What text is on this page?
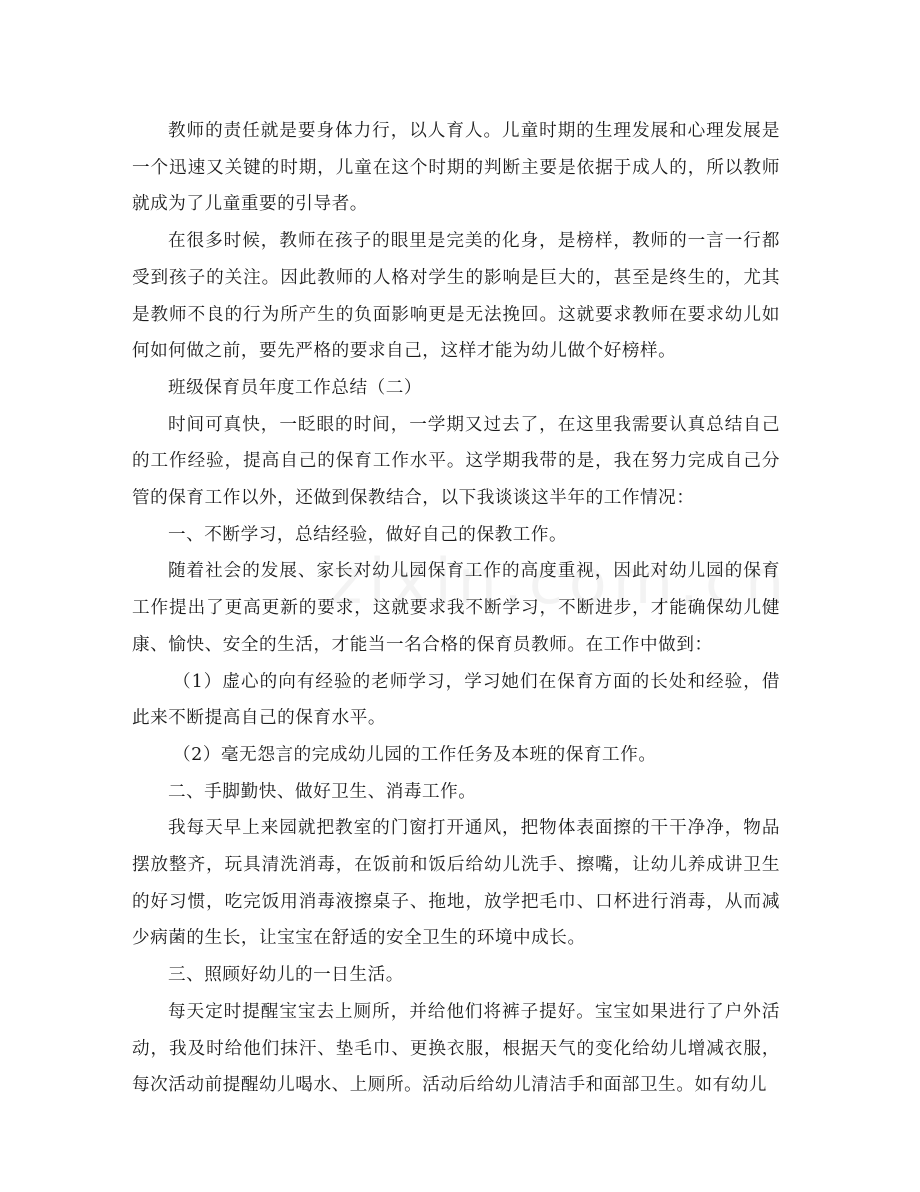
教师的责任就是要身体力行，以人育人。儿童时期的生理发展和心理发展是一个迅速又关键的时期，儿童在这个时期的判断主要是依据于成人的，所以教师就成为了儿童重要的引导者。

在很多时候，教师在孩子的眼里是完美的化身，是榜样，教师的一言一行都受到孩子的关注。因此教师的人格对学生的影响是巨大的，甚至是终生的，尤其是教师不良的行为所产生的负面影响更是无法挽回。这就要求教师在要求幼儿如何如何做之前，要先严格的要求自己，这样才能为幼儿做个好榜样。

班级保育员年度工作总结（二）

时间可真快，一眨眼的时间，一学期又过去了，在这里我需要认真总结自己的工作经验，提高自己的保育工作水平。这学期我带的是，我在努力完成自己分管的保育工作以外，还做到保教结合，以下我谈谈这半年的工作情况：

一、不断学习，总结经验，做好自己的保教工作。

随着社会的发展、家长对幼儿园保育工作的高度重视，因此对幼儿园的保育工作提出了更高更新的要求，这就要求我不断学习，不断进步，才能确保幼儿健康、愉快、安全的生活，才能当一名合格的保育员教师。在工作中做到：

（1）虚心的向有经验的老师学习，学习她们在保育方面的长处和经验，借此来不断提高自己的保育水平。

（2）毫无怨言的完成幼儿园的工作任务及本班的保育工作。

二、手脚勤快、做好卫生、消毒工作。

我每天早上来园就把教室的门窗打开通风，把物体表面擦的干干净净，物品摆放整齐，玩具清洗消毒，在饭前和饭后给幼儿洗手、擦嘴，让幼儿养成讲卫生的好习惯，吃完饭用消毒液擦桌子、拖地，放学把毛巾、口杯进行消毒，从而减少病菌的生长，让宝宝在舒适的安全卫生的环境中成长。

三、照顾好幼儿的一日生活。

每天定时提醒宝宝去上厕所，并给他们将裤子提好。宝宝如果进行了户外活动，我及时给他们抹汗、垫毛巾、更换衣服，根据天气的变化给幼儿增减衣服，每次活动前提醒幼儿喝水、上厕所。活动后给幼儿清洁手和面部卫生。如有幼儿
